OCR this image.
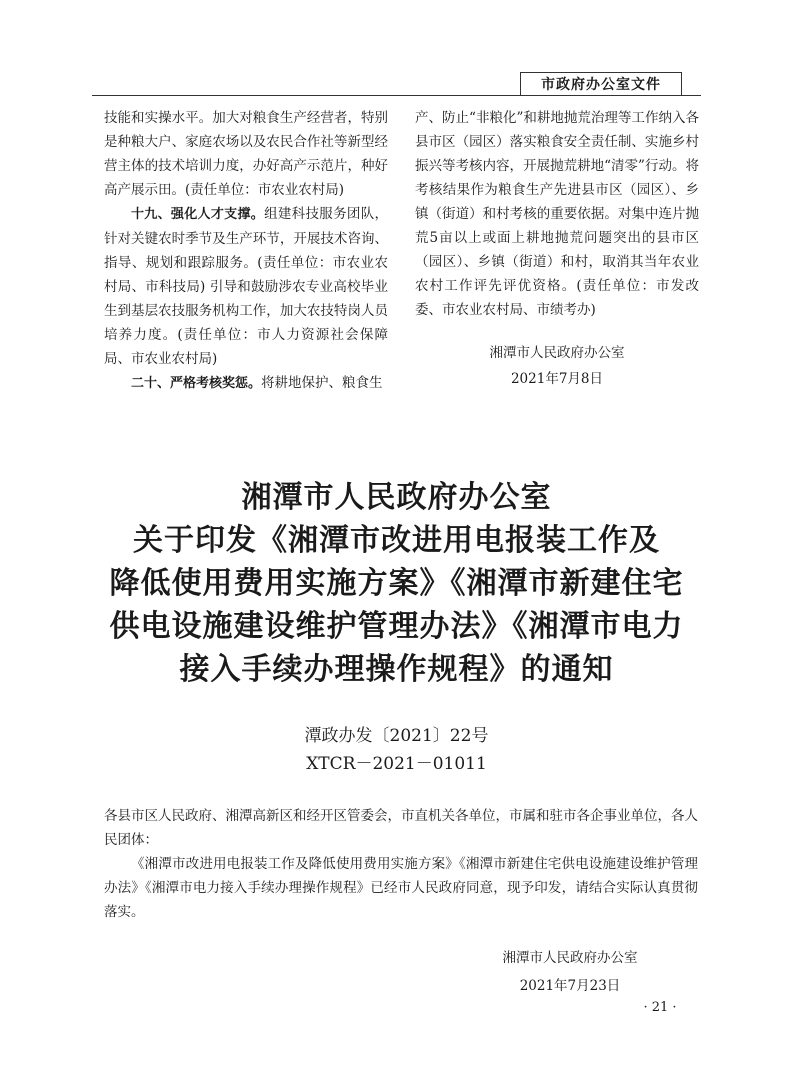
市政府办公室文件

技能和实操水平。加大对粮食生产经营者，特别是种粮大户、家庭农场以及农民合作社等新型经营主体的技术培训力度，办好高产示范片，种好高产展示田。(责任单位：市农业农村局)

十九、强化人才支撑。组建科技服务团队，针对关键农时季节及生产环节，开展技术咨询、指导、规划和跟踪服务。(责任单位：市农业农村局、市科技局) 引导和鼓励涉农专业高校毕业生到基层农技服务机构工作，加大农技特岗人员培养力度。(责任单位：市人力资源社会保障局、市农业农村局)

二十、严格考核奖惩。将耕地保护、粮食生

产、防止“非粮化”和耕地抛荒治理等工作纳入各县市区（园区）落实粮食安全责任制、实施乡村振兴等考核内容，开展抛荒耕地“清零”行动。将考核结果作为粮食生产先进县市区（园区）、乡镇（街道）和村考核的重要依据。对集中连片抛荒5亩以上或面上耕地抛荒问题突出的县市区（园区）、乡镇（街道）和村，取消其当年农业农村工作评先评优资格。(责任单位：市发改委、市农业农村局、市绩考办)

湘潭市人民政府办公室
2021年7月8日
湘潭市人民政府办公室
关于印发《湘潭市改进用电报装工作及
降低使用费用实施方案》《湘潭市新建住宅
供电设施建设维护管理办法》《湘潭市电力
接入手续办理操作规程》的通知
潭政办发〔2021〕22号
XTCR－2021－01011

各县市区人民政府、湘潭高新区和经开区管委会，市直机关各单位，市属和驻市各企事业单位，各人民团体：

《湘潭市改进用电报装工作及降低使用费用实施方案》《湘潭市新建住宅供电设施建设维护管理办法》《湘潭市电力接入手续办理操作规程》已经市人民政府同意，现予印发，请结合实际认真贯彻落实。

湘潭市人民政府办公室
2021年7月23日
· 21 ·
